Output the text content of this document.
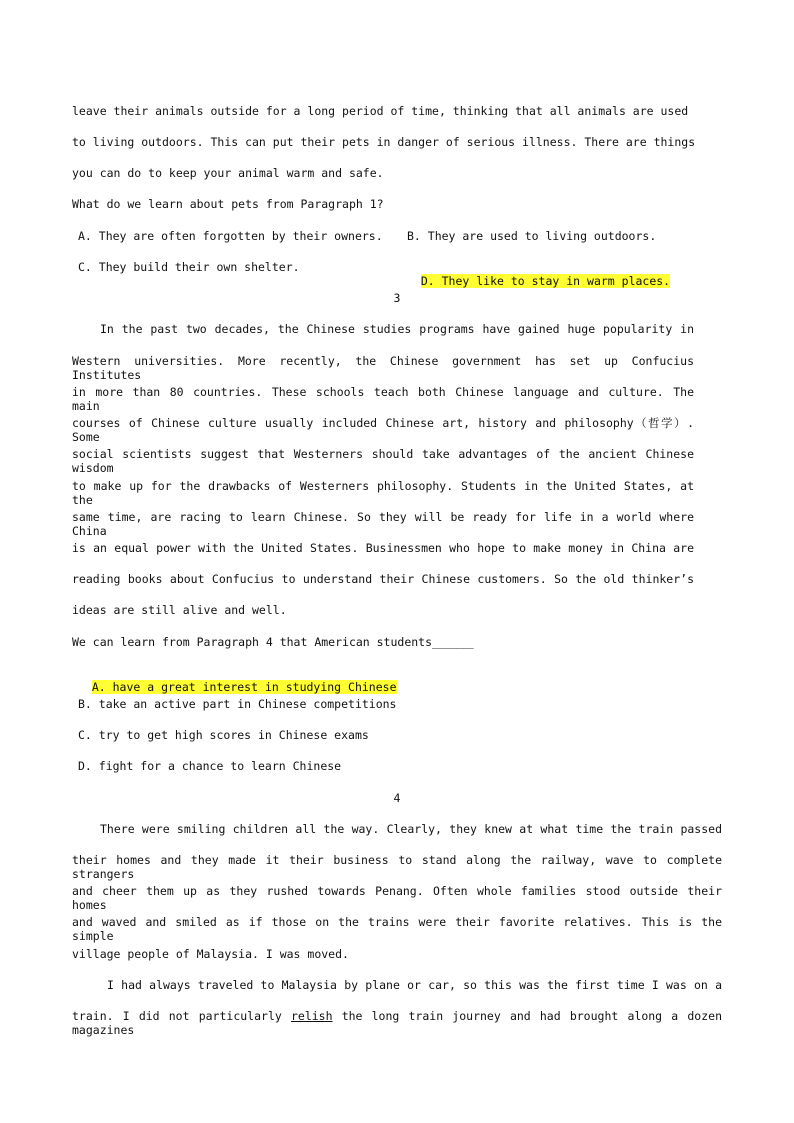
leave their animals outside for a long period of time, thinking that all animals are used
to living outdoors. This can put their pets in danger of serious illness. There are things
you can do to keep your animal warm and safe.
What do we learn about pets from Paragraph 1?
A. They are often forgotten by their owners.	B. They are used to living outdoors.
C. They build their own shelter.

D. They like to stay in warm places.

3
In the past two decades, the Chinese studies programs have gained huge popularity in
Western universities. More recently, the Chinese government has set up Confucius Institutes
in more than 80 countries. These schools teach both Chinese language and culture. The main
courses of Chinese culture usually included Chinese art, history and philosophy（哲学）. Some
social scientists suggest that Westerners should take advantages of the ancient Chinese wisdom
to make up for the drawbacks of Westerners philosophy. Students in the United States, at the
same time, are racing to learn Chinese. So they will be ready for life in a world where China
is an equal power with the United States. Businessmen who hope to make money in China are
reading books about Confucius to understand their Chinese customers. So the old thinker’s
ideas are still alive and well.
We can learn from Paragraph 4 that American students______

A. have a great interest in studying Chinese

B. take an active part in Chinese competitions
C. try to get high scores in Chinese exams
D. fight for a chance to learn Chinese
4
There were smiling children all the way. Clearly, they knew at what time the train passed
their homes and they made it their business to stand along the railway, wave to complete strangers
and cheer them up as they rushed towards Penang. Often whole families stood outside their homes
and waved and smiled as if those on the trains were their favorite relatives. This is the simple
village people of Malaysia. I was moved.
I had always traveled to Malaysia by plane or car, so this was the first time I was on a
train. I did not particularly relish the long train journey and had brought along a dozen magazines
